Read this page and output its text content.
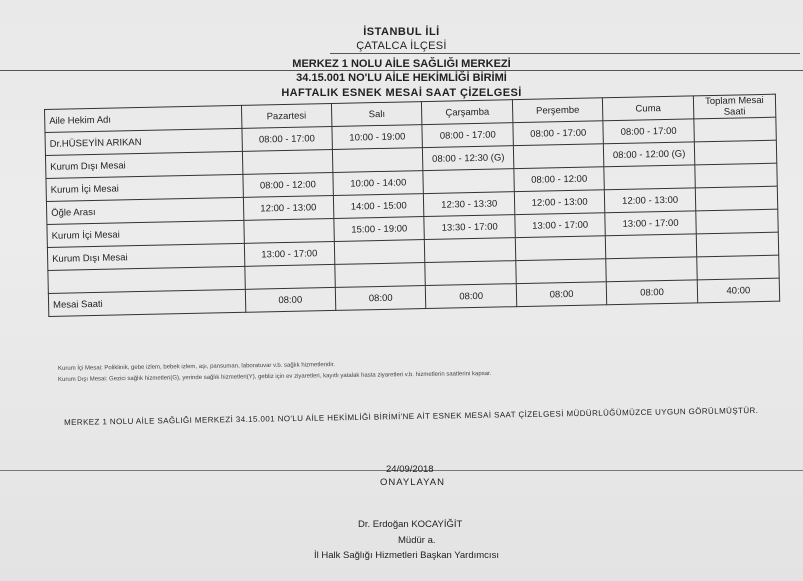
İSTANBUL İLİ
ÇATALCA İLÇESİ
MERKEZ 1 NOLU AİLE SAĞLIĞI MERKEZİ
34.15.001 NO'LU AİLE HEKİMLİĞİ BİRİMİ
HAFTALIK ESNEK MESAİ SAAT ÇİZELGESİ
Aile Hekim Adı	Pazartesi	Salı	Çarşamba	Perşembe	Cuma	Toplam Mesai Saati
Dr.HÜSEYİN ARIKAN	08:00 - 17:00	10:00 - 19:00	08:00 - 17:00	08:00 - 17:00	08:00 - 17:00	
Kurum Dışı Mesai			08:00 - 12:30 (G)		08:00 - 12:00 (G)	
Kurum İçi Mesai	08:00 - 12:00	10:00 - 14:00		08:00 - 12:00		
Öğle Arası	12:00 - 13:00	14:00 - 15:00	12:30 - 13:30	12:00 - 13:00	12:00 - 13:00	
Kurum İçi Mesai		15:00 - 19:00	13:30 - 17:00	13:00 - 17:00	13:00 - 17:00	
Kurum Dışı Mesai	13:00 - 17:00					

Mesai Saati	08:00	08:00	08:00	08:00	08:00	40:00
Kurum İçi Mesai: Poliklinik, gebe izlem, bebek izlem, aşı, pansuman, laboratuvar v.b. sağlık hizmetleridir.
Kurum Dışı Mesai: Gezici sağlık hizmetleri(G), yerinde sağlık hizmetleri(Y), gebliz için ev ziyaretleri, kayıtlı yatalak hasta ziyaretleri v.b. hizmetlerin saatlerini kapsar.
MERKEZ 1 NOLU AİLE SAĞLIĞI MERKEZİ 34.15.001 NO'LU AİLE HEKİMLİĞİ BİRİMİ'NE AİT ESNEK MESAİ SAAT ÇİZELGESİ MÜDÜRLÜĞÜMÜZCE UYGUN GÖRÜLMÜŞTÜR.
24/09/2018
ONAYLAYAN
Dr. Erdoğan KOCAYİĞİT
Müdür a.
İl Halk Sağlığı Hizmetleri Başkan Yardımcısı
